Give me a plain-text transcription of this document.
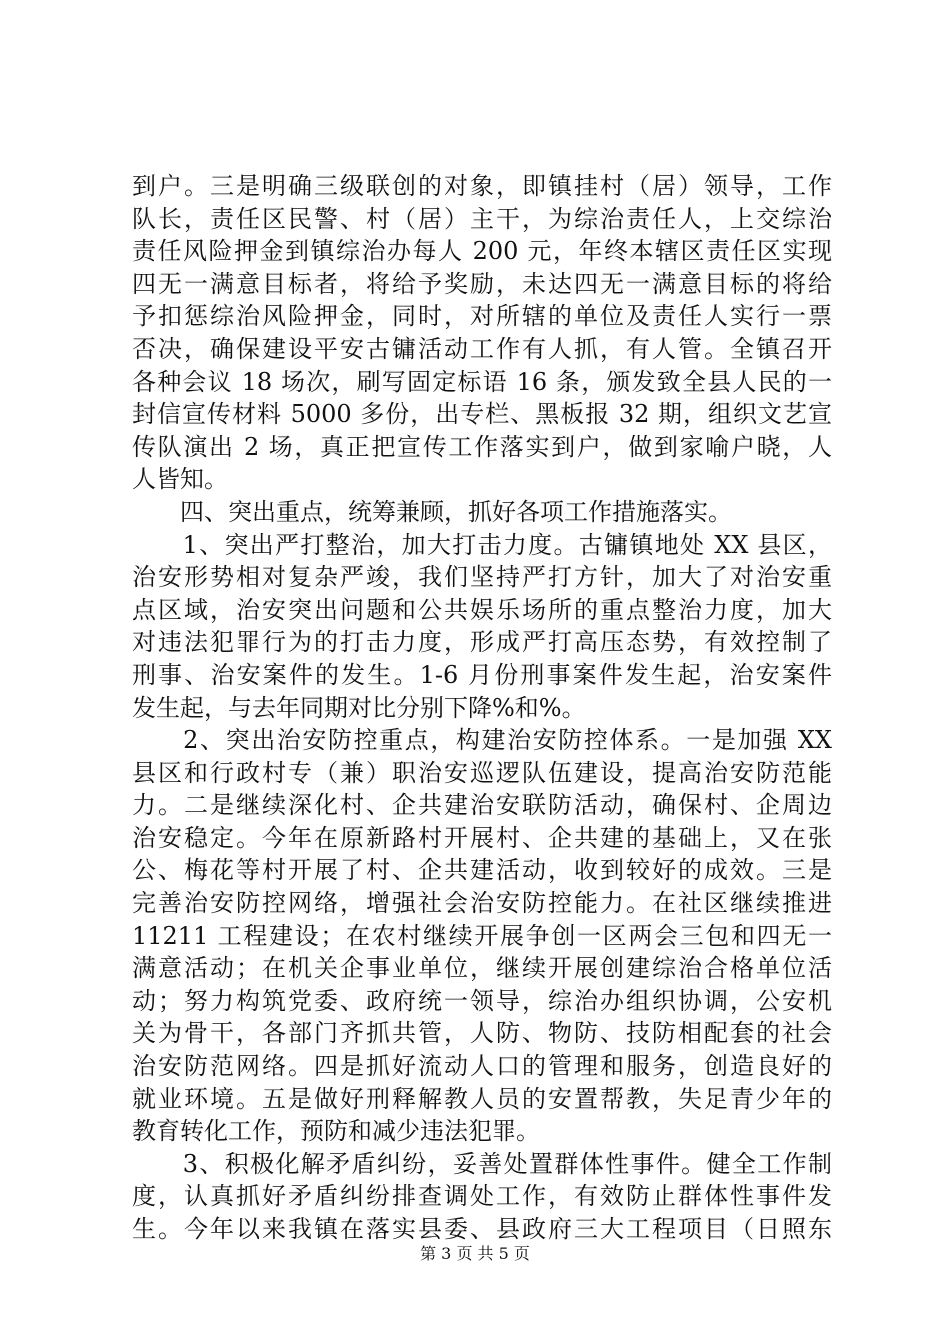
到户。三是明确三级联创的对象，即镇挂村（居）领导，工作
队长，责任区民警、村（居）主干，为综治责任人，上交综治
责任风险押金到镇综治办每人 200 元，年终本辖区责任区实现
四无一满意目标者，将给予奖励，未达四无一满意目标的将给
予扣惩综治风险押金，同时，对所辖的单位及责任人实行一票
否决，确保建设平安古镛活动工作有人抓，有人管。全镇召开
各种会议 18 场次，刷写固定标语 16 条，颁发致全县人民的一
封信宣传材料 5000 多份，出专栏、黑板报 32 期，组织文艺宣
传队演出 2 场，真正把宣传工作落实到户，做到家喻户晓，人
人皆知。
　　四、突出重点，统筹兼顾，抓好各项工作措施落实。
　　1、突出严打整治，加大打击力度。古镛镇地处 XX 县区，
治安形势相对复杂严竣，我们坚持严打方针，加大了对治安重
点区域，治安突出问题和公共娱乐场所的重点整治力度，加大
对违法犯罪行为的打击力度，形成严打高压态势，有效控制了
刑事、治安案件的发生。1-6 月份刑事案件发生起，治安案件
发生起，与去年同期对比分别下降%和%。
　　2、突出治安防控重点，构建治安防控体系。一是加强 XX
县区和行政村专（兼）职治安巡逻队伍建设，提高治安防范能
力。二是继续深化村、企共建治安联防活动，确保村、企周边
治安稳定。今年在原新路村开展村、企共建的基础上，又在张
公、梅花等村开展了村、企共建活动，收到较好的成效。三是
完善治安防控网络，增强社会治安防控能力。在社区继续推进
11211 工程建设；在农村继续开展争创一区两会三包和四无一
满意活动；在机关企事业单位，继续开展创建综治合格单位活
动；努力构筑党委、政府统一领导，综治办组织协调，公安机
关为骨干，各部门齐抓共管，人防、物防、技防相配套的社会
治安防范网络。四是抓好流动人口的管理和服务，创造良好的
就业环境。五是做好刑释解教人员的安置帮教，失足青少年的
教育转化工作，预防和减少违法犯罪。
　　3、积极化解矛盾纠纷，妥善处置群体性事件。健全工作制
度，认真抓好矛盾纠纷排查调处工作，有效防止群体性事件发
生。今年以来我镇在落实县委、县政府三大工程项目（日照东
第 3 页 共 5 页
